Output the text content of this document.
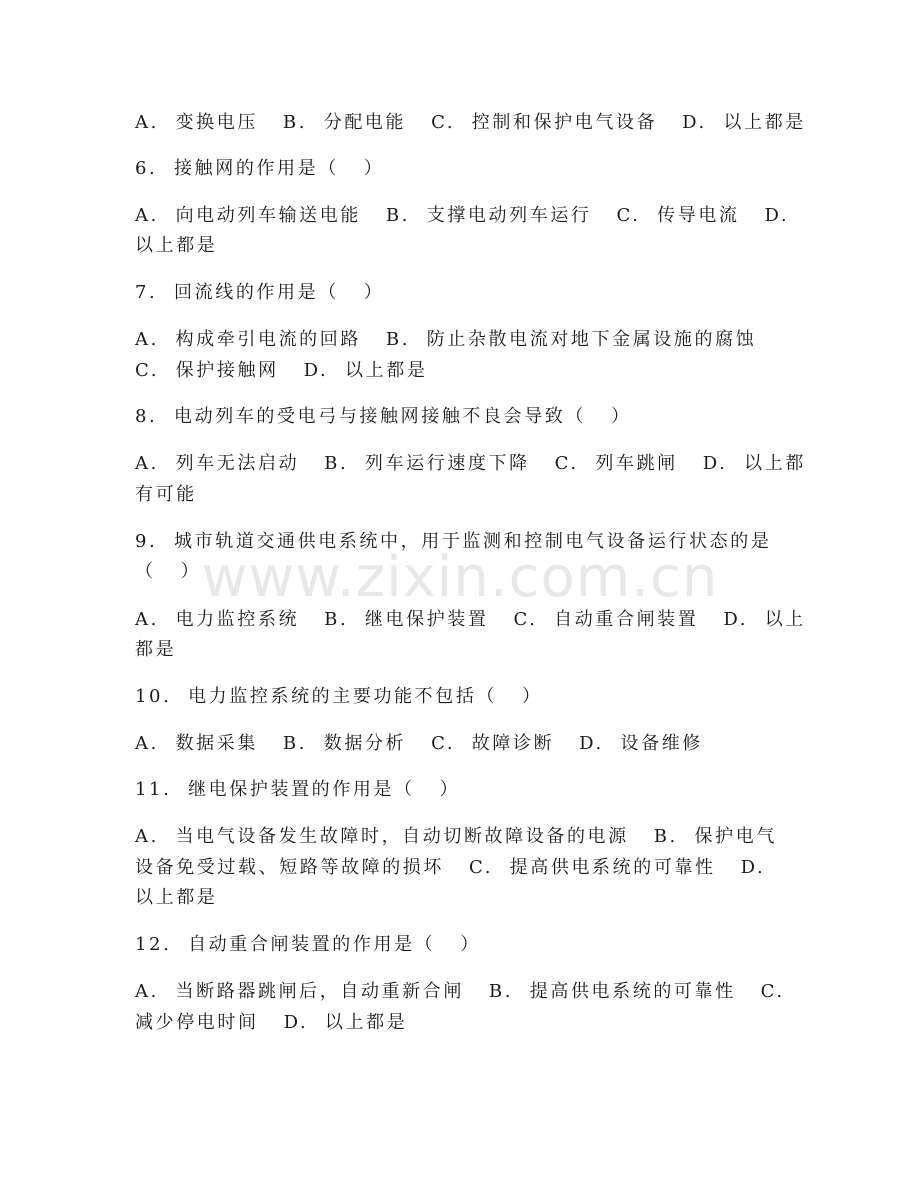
A.  变换电压   B.  分配电能   C.  控制和保护电气设备   D.  以上都是
6.  接触网的作用是（   ）
A.  向电动列车输送电能   B.  支撑电动列车运行   C.  传导电流   D.
以上都是
7.  回流线的作用是（   ）
A.  构成牵引电流的回路   B.  防止杂散电流对地下金属设施的腐蚀
C.  保护接触网   D.  以上都是
8.  电动列车的受电弓与接触网接触不良会导致（   ）
A.  列车无法启动   B.  列车运行速度下降   C.  列车跳闸   D.  以上都
有可能
9.  城市轨道交通供电系统中，用于监测和控制电气设备运行状态的是
（   ）
A.  电力监控系统   B.  继电保护装置   C.  自动重合闸装置   D.  以上
都是
10.  电力监控系统的主要功能不包括（   ）
A.  数据采集   B.  数据分析   C.  故障诊断   D.  设备维修
11.  继电保护装置的作用是（   ）
A.  当电气设备发生故障时，自动切断故障设备的电源   B.  保护电气
设备免受过载、短路等故障的损坏   C.  提高供电系统的可靠性   D.
以上都是
12.  自动重合闸装置的作用是（   ）
A.  当断路器跳闸后，自动重新合闸   B.  提高供电系统的可靠性   C.
减少停电时间   D.  以上都是
www.zixin.com.cn
